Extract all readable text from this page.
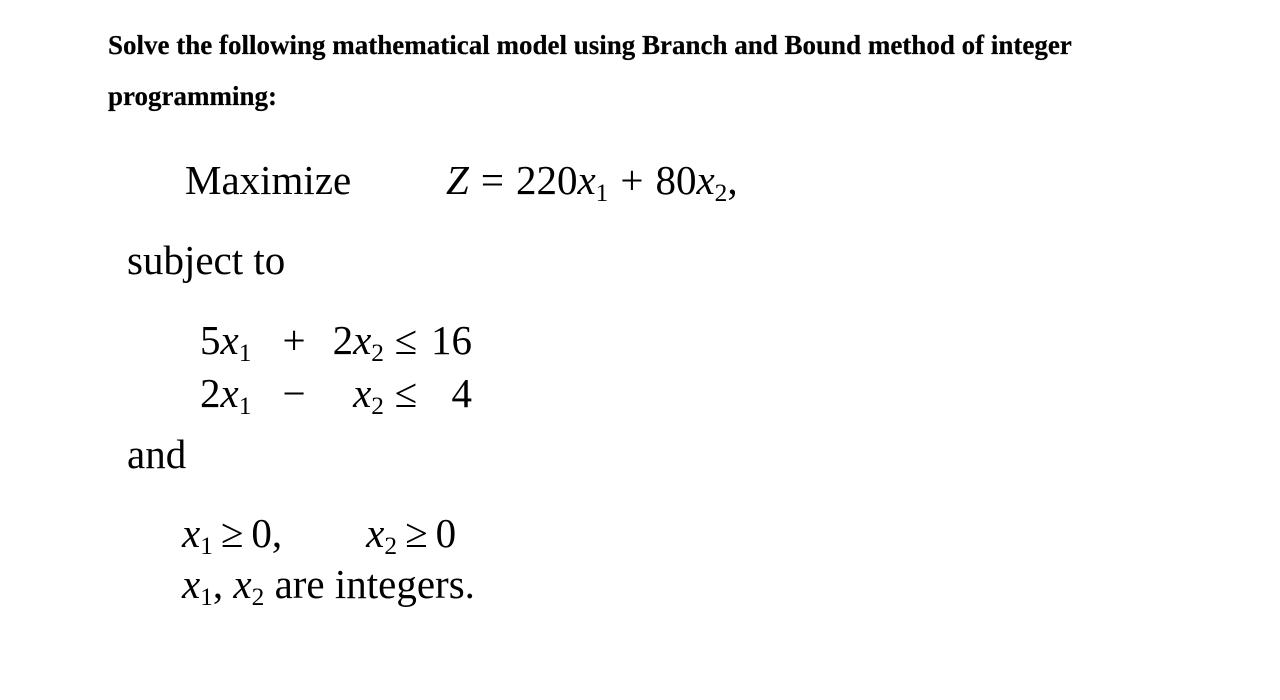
Solve the following mathematical model using Branch and Bound method of integer programming:
Maximize $Z = 220x_1 + 80x_2$,
subject to
$5x_1 + 2x_2 \le 16$
$2x_1$ −	$x_2 \le 4$
and
$x_1 \ge 0$, $x_2 \ge 0$
$x_1$, $x_2$ are integers.
